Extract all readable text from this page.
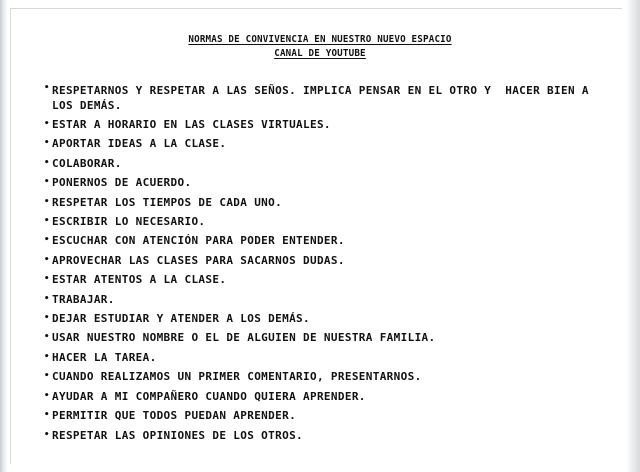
NORMAS DE CONVIVENCIA EN NUESTRO NUEVO ESPACIO
CANAL DE YOUTUBE
• RESPETARNOS Y RESPETAR A LAS SEÑOS. IMPLICA PENSAR EN EL OTRO Y  HACER BIEN A LOS DEMÁS.
• ESTAR A HORARIO EN LAS CLASES VIRTUALES.
• APORTAR IDEAS A LA CLASE.
• COLABORAR.
• PONERNOS DE ACUERDO.
• RESPETAR LOS TIEMPOS DE CADA UNO.
• ESCRIBIR LO NECESARIO.
• ESCUCHAR CON ATENCIÓN PARA PODER ENTENDER.
• APROVECHAR LAS CLASES PARA SACARNOS DUDAS.
• ESTAR ATENTOS A LA CLASE.
• TRABAJAR.
• DEJAR ESTUDIAR Y ATENDER A LOS DEMÁS.
• USAR NUESTRO NOMBRE O EL DE ALGUIEN DE NUESTRA FAMILIA.
• HACER LA TAREA.
• CUANDO REALIZAMOS UN PRIMER COMENTARIO, PRESENTARNOS.
• AYUDAR A MI COMPAÑERO CUANDO QUIERA APRENDER.
• PERMITIR QUE TODOS PUEDAN APRENDER.
• RESPETAR LAS OPINIONES DE LOS OTROS.
